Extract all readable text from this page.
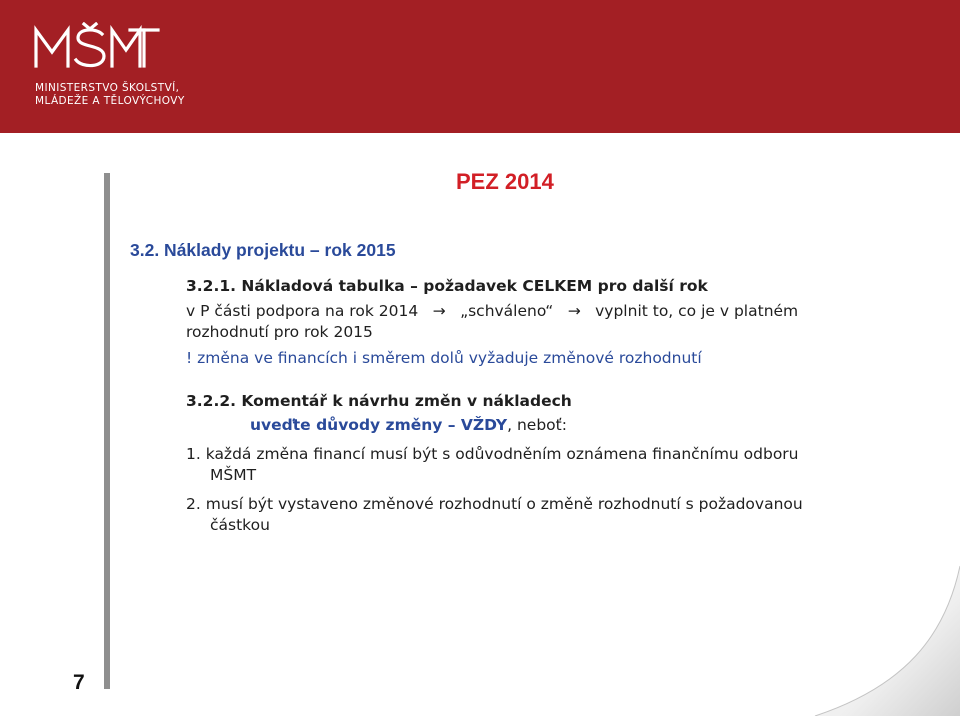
MINISTERSTVO ŠKOLSTVÍ,
MLÁDEŽE A TĚLOVÝCHOVY
PEZ 2014
3.2. Náklady projektu – rok 2015
3.2.1. Nákladová tabulka – požadavek CELKEM pro další rok
v P části podpora na rok 2014 → „schváleno“ → vyplnit to, co je v platném
rozhodnutí pro rok 2015
! změna ve financích i směrem dolů vyžaduje změnové rozhodnutí
3.2.2. Komentář k návrhu změn v nákladech
uveďte důvody změny – VŽDY, neboť:
1. každá změna financí musí být s odůvodněním oznámena finančnímu odboru
MŠMT
2. musí být vystaveno změnové rozhodnutí o změně rozhodnutí s požadovanou
částkou
7
